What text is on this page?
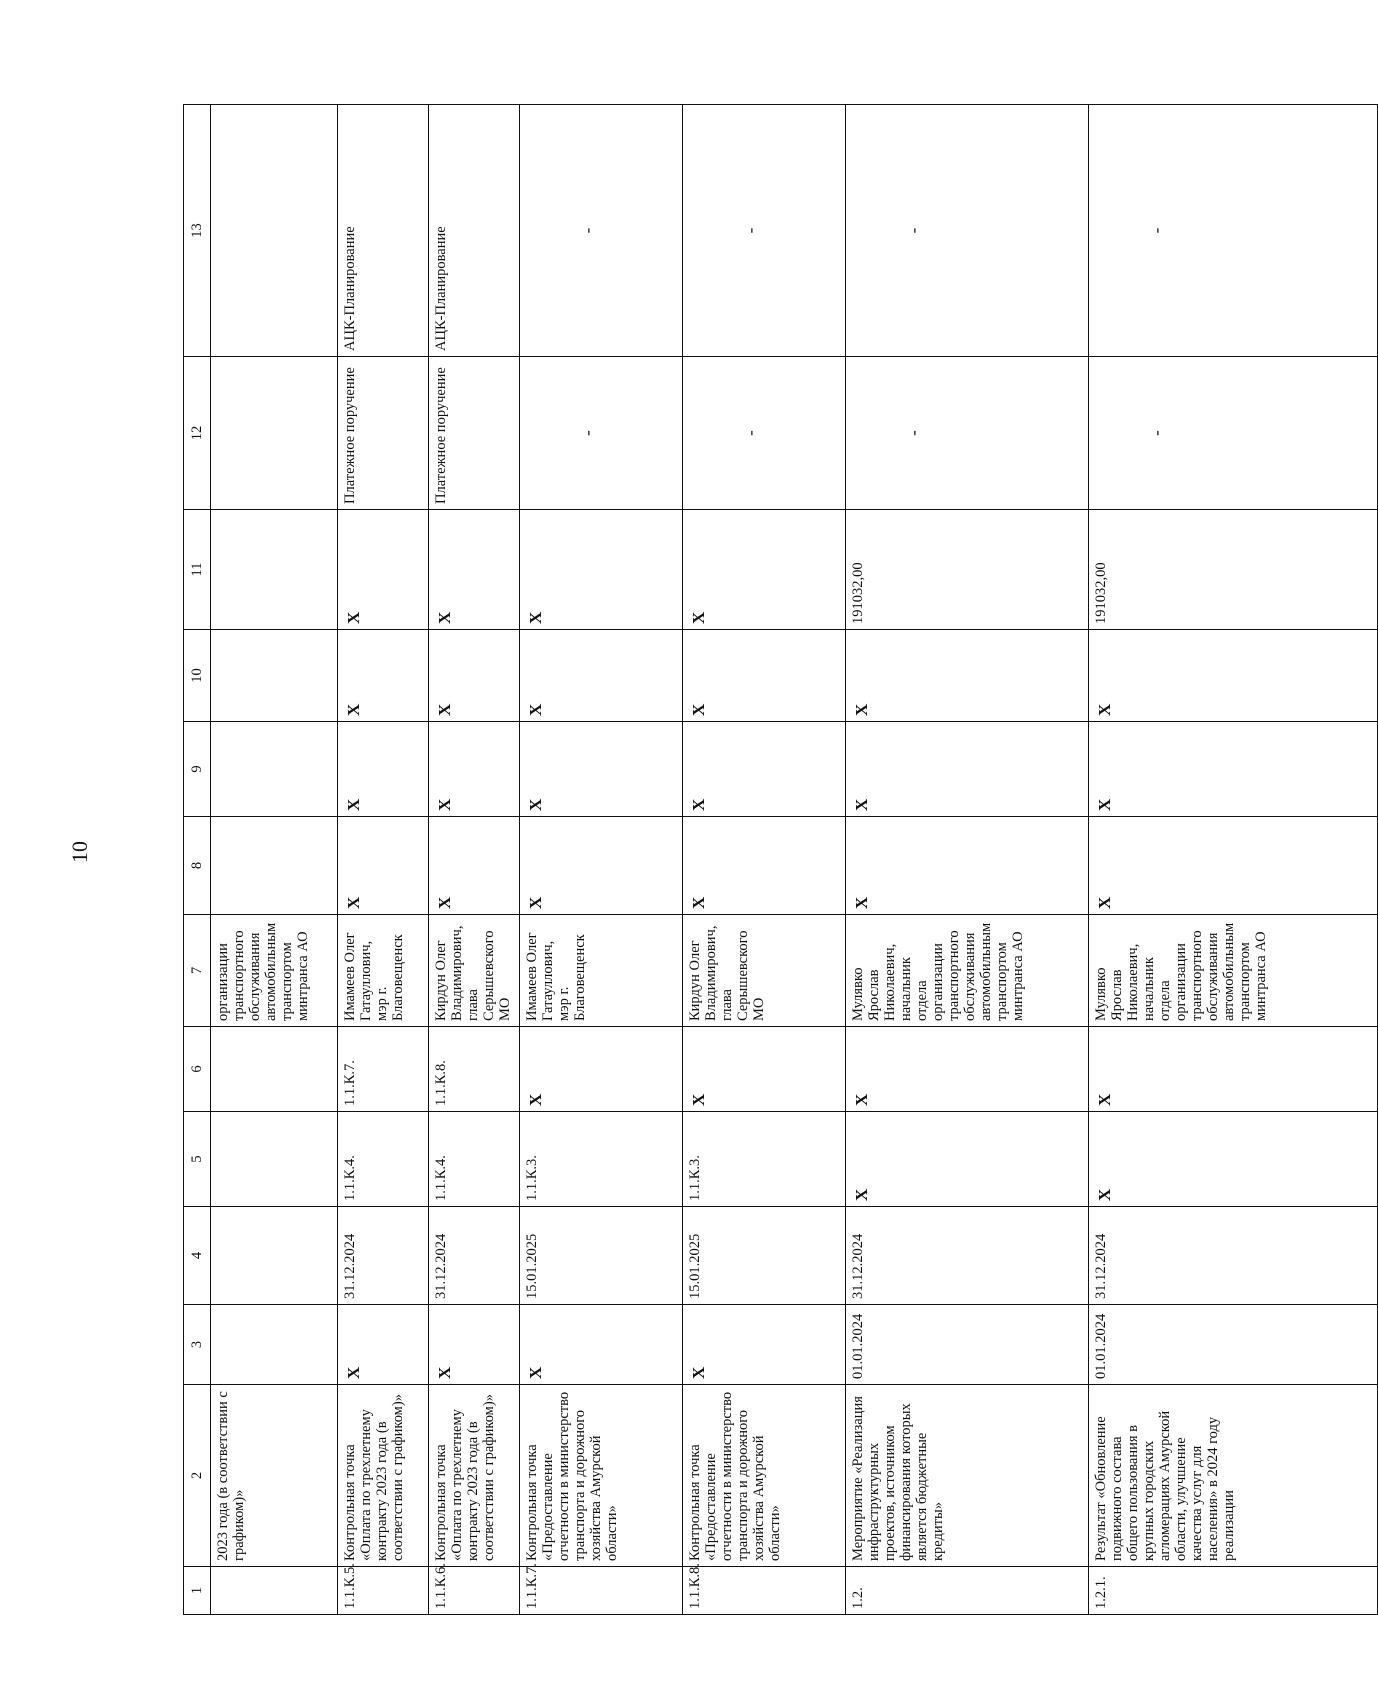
10
1	2	3	4	5	6	7	8	9	10	11	12	13
	2023 года (в соответствии с графиком)»					организации транспортного обслуживания автомобильным транспортом минтранса АО						
1.1.К.5.	Контрольная точка «Оплата по трехлетнему контракту 2023 года (в соответствии с графиком)»	Х	31.12.2024	1.1.К.4.	1.1.К.7.	Имамеев Олег Гатауллович, мэр г. Благовещенск	Х	Х	Х	Х	Платежное поручение	АЦК-Планирование
1.1.К.6.	Контрольная точка «Оплата по трехлетнему контракту 2023 года (в соответствии с графиком)»	Х	31.12.2024	1.1.К.4.	1.1.К.8.	Кирдун Олег Владимирович, глава Серышевского МО	Х	Х	Х	Х	Платежное поручение	АЦК-Планирование
1.1.К.7.	Контрольная точка «Предоставление отчетности в министерство транспорта и дорожного хозяйства Амурской области»	Х	15.01.2025	1.1.К.3.	Х	Имамеев Олег Гатауллович, мэр г. Благовещенск	Х	Х	Х	Х	-	-
1.1.К.8.	Контрольная точка «Предоставление отчетности в министерство транспорта и дорожного хозяйства Амурской области»	Х	15.01.2025	1.1.К.3.	Х	Кирдун Олег Владимирович, глава Серышевского МО	Х	Х	Х	Х	-	-
1.2.	Мероприятие «Реализация инфраструктурных проектов, источником финансирования которых является бюджетные кредиты»	01.01.2024	31.12.2024	Х	Х	Мулявко Ярослав Николаевич, начальник отдела организации транспортного обслуживания автомобильным транспортом минтранса АО	Х	Х	Х	191032,00	-	-
1.2.1.	Результат «Обновление подвижного состава общего пользования в крупных городских агломерациях Амурской области, улучшение качества услуг для населения» в 2024 году реализации	01.01.2024	31.12.2024	Х	Х	Мулявко Ярослав Николаевич, начальник отдела организации транспортного обслуживания автомобильным транспортом минтранса АО	Х	Х	Х	191032,00	-	-
